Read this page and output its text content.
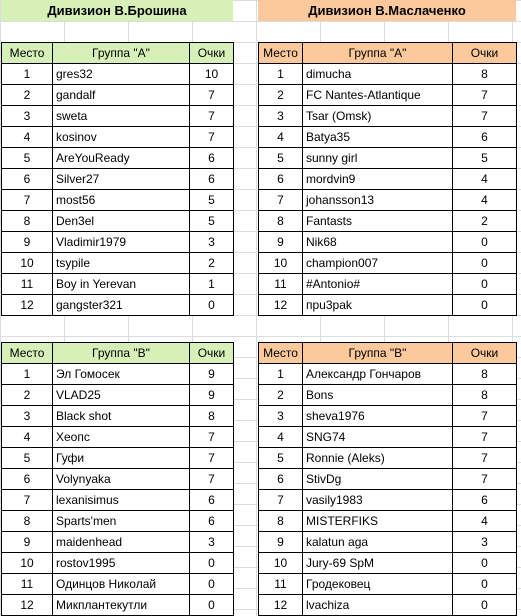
Дивизион В.Брошина	Дивизион В.Маслаченко
Место	Группа "А"	Очки
1	gres32	10
2	gandalf	7
3	sweta	7
4	kosinov	7
5	AreYouReady	6
6	Silver27	6
7	most56	5
8	Den3el	5
9	Vladimir1979	3
10	tsypile	2
11	Boy in Yerevan	1
12	gangster321	0
Место	Группа "А"	Очки
1	dimucha	8
2	FC Nantes-Atlantique	7
3	Tsar (Omsk)	7
4	Batya35	6
5	sunny girl	5
6	mordvin9	4
7	johansson13	4
8	Fantasts	2
9	Nik68	0
10	champion007	0
11	#Antonio#	0
12	пpu3pak	0
Место	Группа "В"	Очки
1	Эл Гомосек	9
2	VLAD25	9
3	Black shot	8
4	Хеопс	7
5	Гуфи	7
6	Volynyaka	7
7	lexanisimus	6
8	Sparts'men	6
9	maidenhead	3
10	rostov1995	0
11	Одинцов Николай	0
12	Микплантекутли	0
Место	Группа "В"	Очки
1	Александр Гончаров	8
2	Bons	8
3	sheva1976	7
4	SNG74	7
5	Ronnie (Aleks)	7
6	StivDg	7
7	vasily1983	6
8	MISTERFIKS	4
9	kalatun aga	3
10	Jury-69 SpM	0
11	Гродековец	0
12	lvachiza	0
